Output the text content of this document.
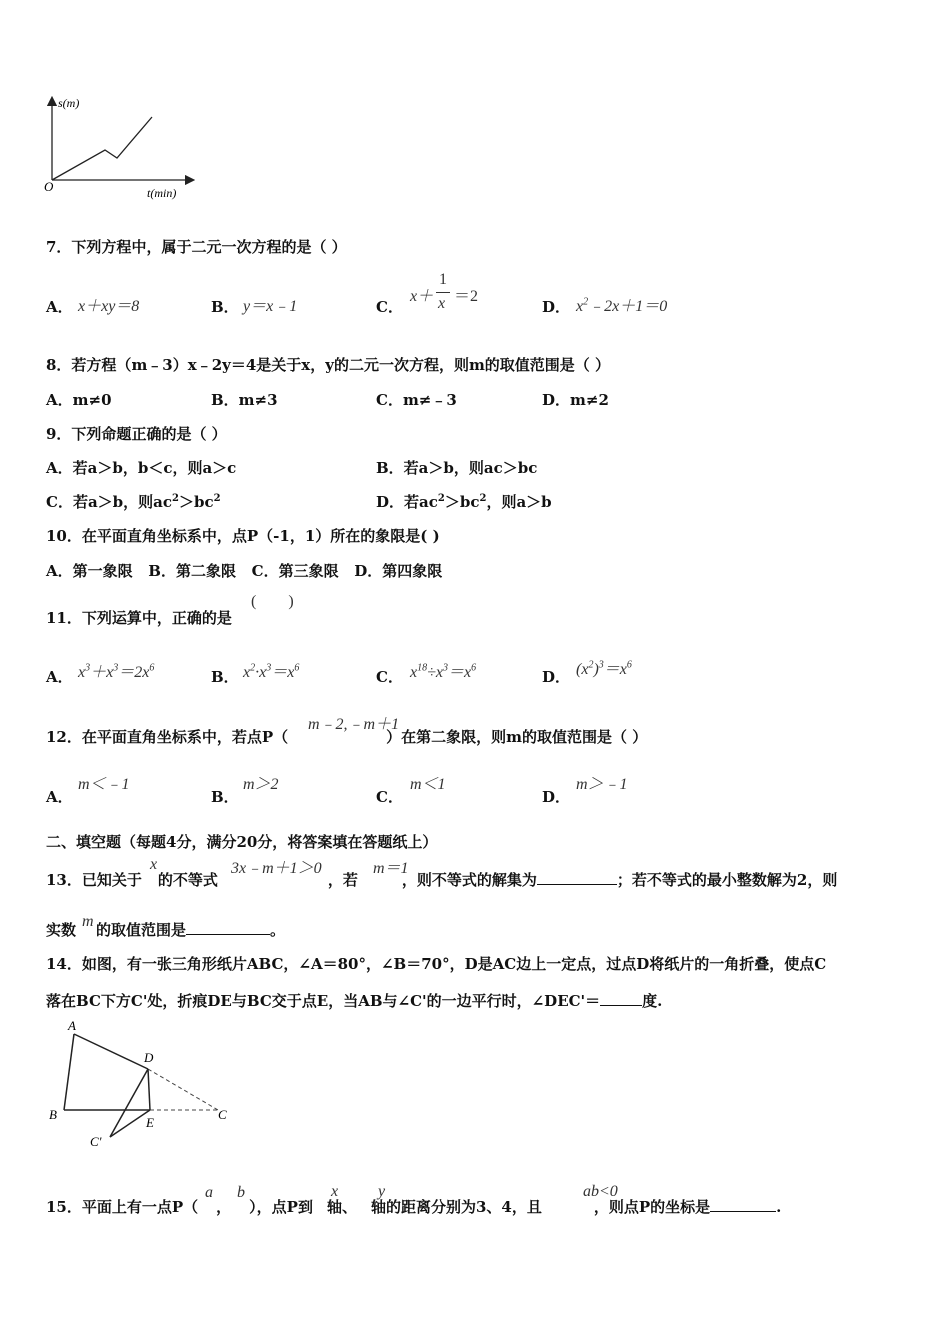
s(m)
t(min)
O
7．下列方程中，属于二元一次方程的是（ ）
A． x＋xy＝8	B． y＝x﹣1	C．
x＋
1
x ＝2
D． $x^2﹣2x+1=0$
8．若方程（m﹣3）x﹣2y＝4是关于x，y的二元一次方程，则m的取值范围是（ ）
A．m≠0	B．m≠3	C．m≠﹣3	D．m≠2
9．下列命题正确的是（ ）
A．若a＞b，b＜c，则a＞c	B．若a＞b，则ac＞bc
C．若a＞b，则$ac^2>bc^2$	D．若$ac^2>bc^2$，则a＞b
10．在平面直角坐标系中，点P（-1，1）所在的象限是( )
A．第一象限   B．第二象限   C．第三象限   D．第四象限
11．下列运算中，正确的是
(        )
A． $x^3+x^3=2x^6$	B． $x^2\cdot x^3=x^6$	C． $x^{18}\div x^3=x^6$	D． $(x^2)^3=x^6$
12．在平面直角坐标系中，若点P（	）在第二象限，则m的取值范围是（ ）
m﹣2,﹣m＋1
A．
m＜﹣1
B．
m＞2
C．
m＜1
D．
m＞﹣1
二、填空题（每题4分，满分20分，将答案填在答题纸上）
13．已知关于 的不等式	，若	，则不等式的解集为	；若不等式的最小整数解为2，则
x	3x﹣m＋1＞0	m＝1
实数 的取值范围是	。
m
14．如图，有一张三角形纸片ABC，∠A＝80°，∠B＝70°，D是AC边上一定点，过点D将纸片的一角折叠，使点C
落在BC下方C'处，折痕DE与BC交于点E，当AB与∠C'的一边平行时，∠DEC'＝	度.
A
B	C
D
E
C'
15．平面上有一点P（ ， ），点P到 轴、 轴的距离分别为3、4，且	，则点P的坐标是	.
a b	x y	ab<0
